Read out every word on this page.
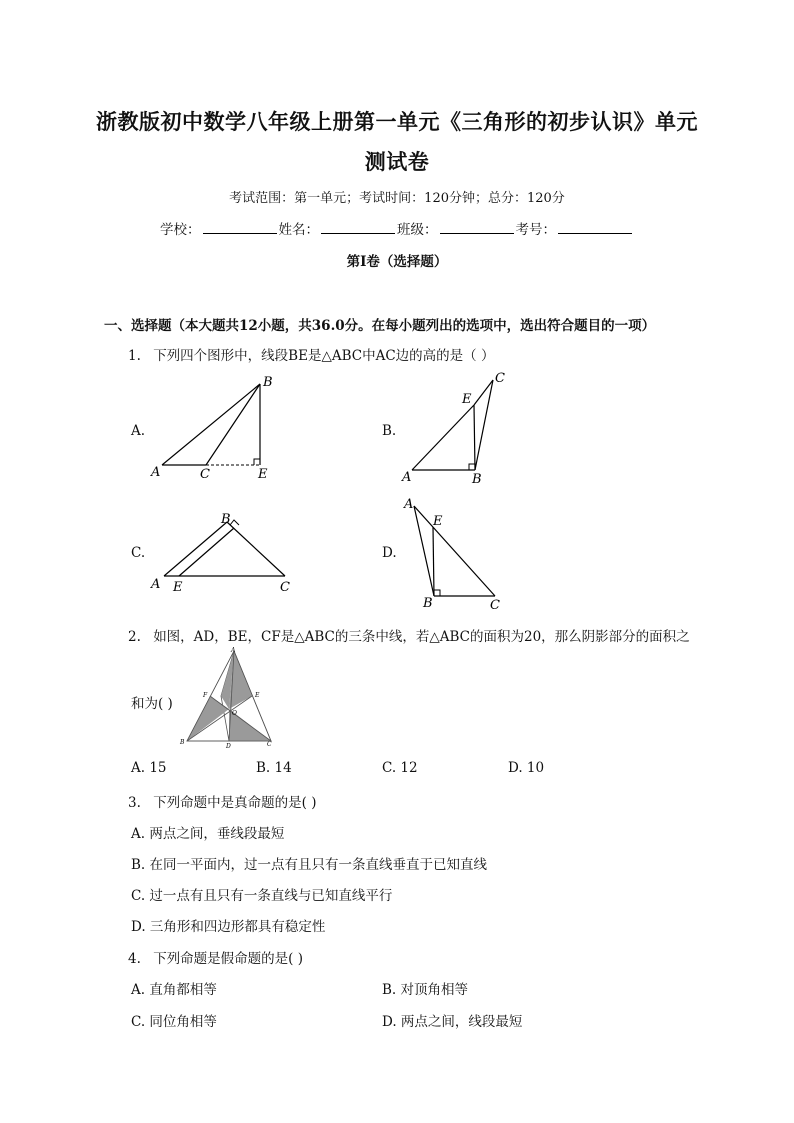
浙教版初中数学八年级上册第一单元《三角形的初步认识》单元
测试卷
考试范围：第一单元；考试时间：120分钟；总分：120分
学校：	姓名：	班级：	考号：
第Ⅰ卷（选择题）
一、选择题（本大题共12小题，共36.0分。在每小题列出的选项中，选出符合题目的一项）
1. 下列四个图形中，线段BE是△ABC中AC边的高的是（ ）
A.
A	C	E
B
B.
A	B
E
C
C.
A E
B
C
D.
A
E
B	C
2. 如图，AD，BE，CF是△ABC的三条中线，若△ABC的面积为20，那么阴影部分的面积之
和为( )
A
B	C
D
E
F
O
A. 15	B. 14	C. 12	D. 10
3. 下列命题中是真命题的是( )
A. 两点之间，垂线段最短
B. 在同一平面内，过一点有且只有一条直线垂直于已知直线
C. 过一点有且只有一条直线与已知直线平行
D. 三角形和四边形都具有稳定性
4. 下列命题是假命题的是( )
A. 直角都相等	B. 对顶角相等
C. 同位角相等	D. 两点之间，线段最短
